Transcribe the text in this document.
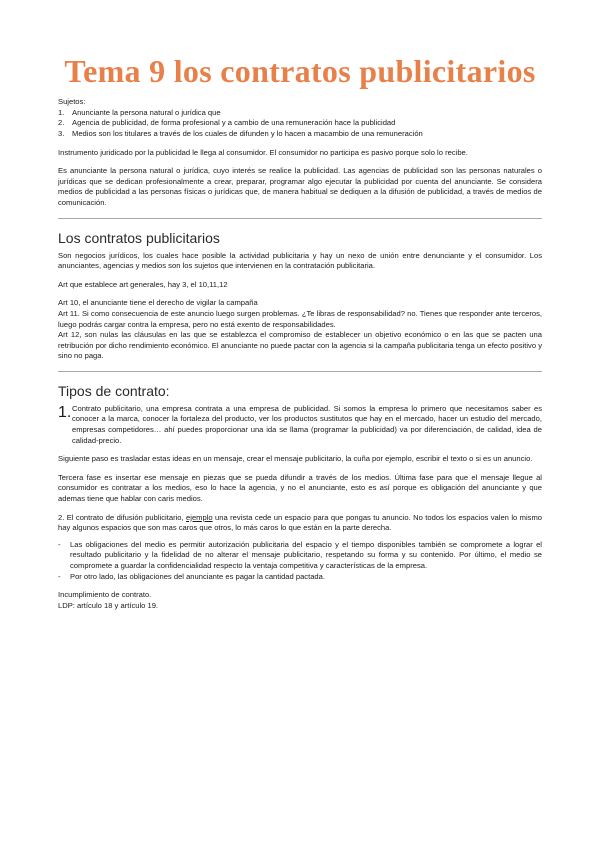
Tema 9 los contratos publicitarios

Sujetos:

1.	Anunciante la persona natural o jurídica que
2.	Agencia de publicidad, de forma profesional y a cambio de una remuneración hace la publicidad
3.	Medios son los titulares a través de los cuales de difunden y lo hacen a macambio de una remuneración

Instrumento juridicado por la publicidad le llega al consumidor. El consumidor no participa es pasivo porque solo lo recibe.

Es anunciante la persona natural o jurídica, cuyo interés se realice la publicidad. Las agencias de publicidad son las personas naturales o jurídicas que se dedican profesionalmente a crear, preparar, programar algo ejecutar la publicidad por cuenta del anunciante. Se considera medios de publicidad a las personas físicas o jurídicas que, de manera habitual se dediquen a la difusión de publicidad, a través de medios de comunicación.

Los contratos publicitarios

Son negocios jurídicos, los cuales hace posible la actividad publicitaria y hay un nexo de unión entre denunciante y el consumidor. Los anunciantes, agencias y medios son los sujetos que intervienen en la contratación publicitaria.

Art que establece art generales, hay 3, el 10,11,12

Art 10, el anunciante tiene el derecho de vigilar la campaña

Art 11. Si como consecuencia de este anuncio luego surgen problemas. ¿Te libras de responsabilidad? no. Tienes que responder ante terceros, luego podrás cargar contra la empresa, pero no está exento de responsabilidades.

Art 12, son nulas las cláusulas en las que se establezca el compromiso de establecer un objetivo económico o en las que se pacten una retribución por dicho rendimiento económico. El anunciante no puede pactar con la agencia si la campaña publicitaria tenga un efecto positivo y sino no paga.

Tipos de contrato:
1. Contrato publicitario, una empresa contrata a una empresa de publicidad. Si somos la empresa lo primero que necesitamos saber es conocer a la marca, conocer la fortaleza del producto, ver los productos sustitutos que hay en el mercado, hacer un estudio del mercado, empresas competidores… ahí puedes proporcionar una ida se llama (programar la publicidad) va por diferenciación, de calidad, idea de calidad-precio.

Siguiente paso es trasladar estas ideas en un mensaje, crear el mensaje publicitario, la cuña por ejemplo, escribir el texto o si es un anuncio.

Tercera fase es insertar ese mensaje en piezas que se pueda difundir a través de los medios. Última fase para que el mensaje llegue al consumidor es contratar a los medios, eso lo hace la agencia, y no el anunciante, esto es así porque es obligación del anunciante y que ademas tiene que hablar con caris medios.

2. El contrato de difusión publicitario, ejemplo una revista cede un espacio para que pongas tu anuncio. No todos los espacios valen lo mismo hay algunos espacios que son mas caros que otros, lo más caros lo que están en la parte derecha.

-	Las obligaciones del medio es permitir autorización publicitaria del espacio y el tiempo disponibles también se compromete a lograr el resultado publicitario y la fidelidad de no alterar el mensaje publicitario, respetando su forma y su contenido. Por último, el medio se compromete a guardar la confidencialidad respecto la ventaja competitiva y características de la empresa.
-	Por otro lado, las obligaciones del anunciante es pagar la cantidad pactada.

Incumplimiento de contrato.

LDP: artículo 18 y artículo 19.
